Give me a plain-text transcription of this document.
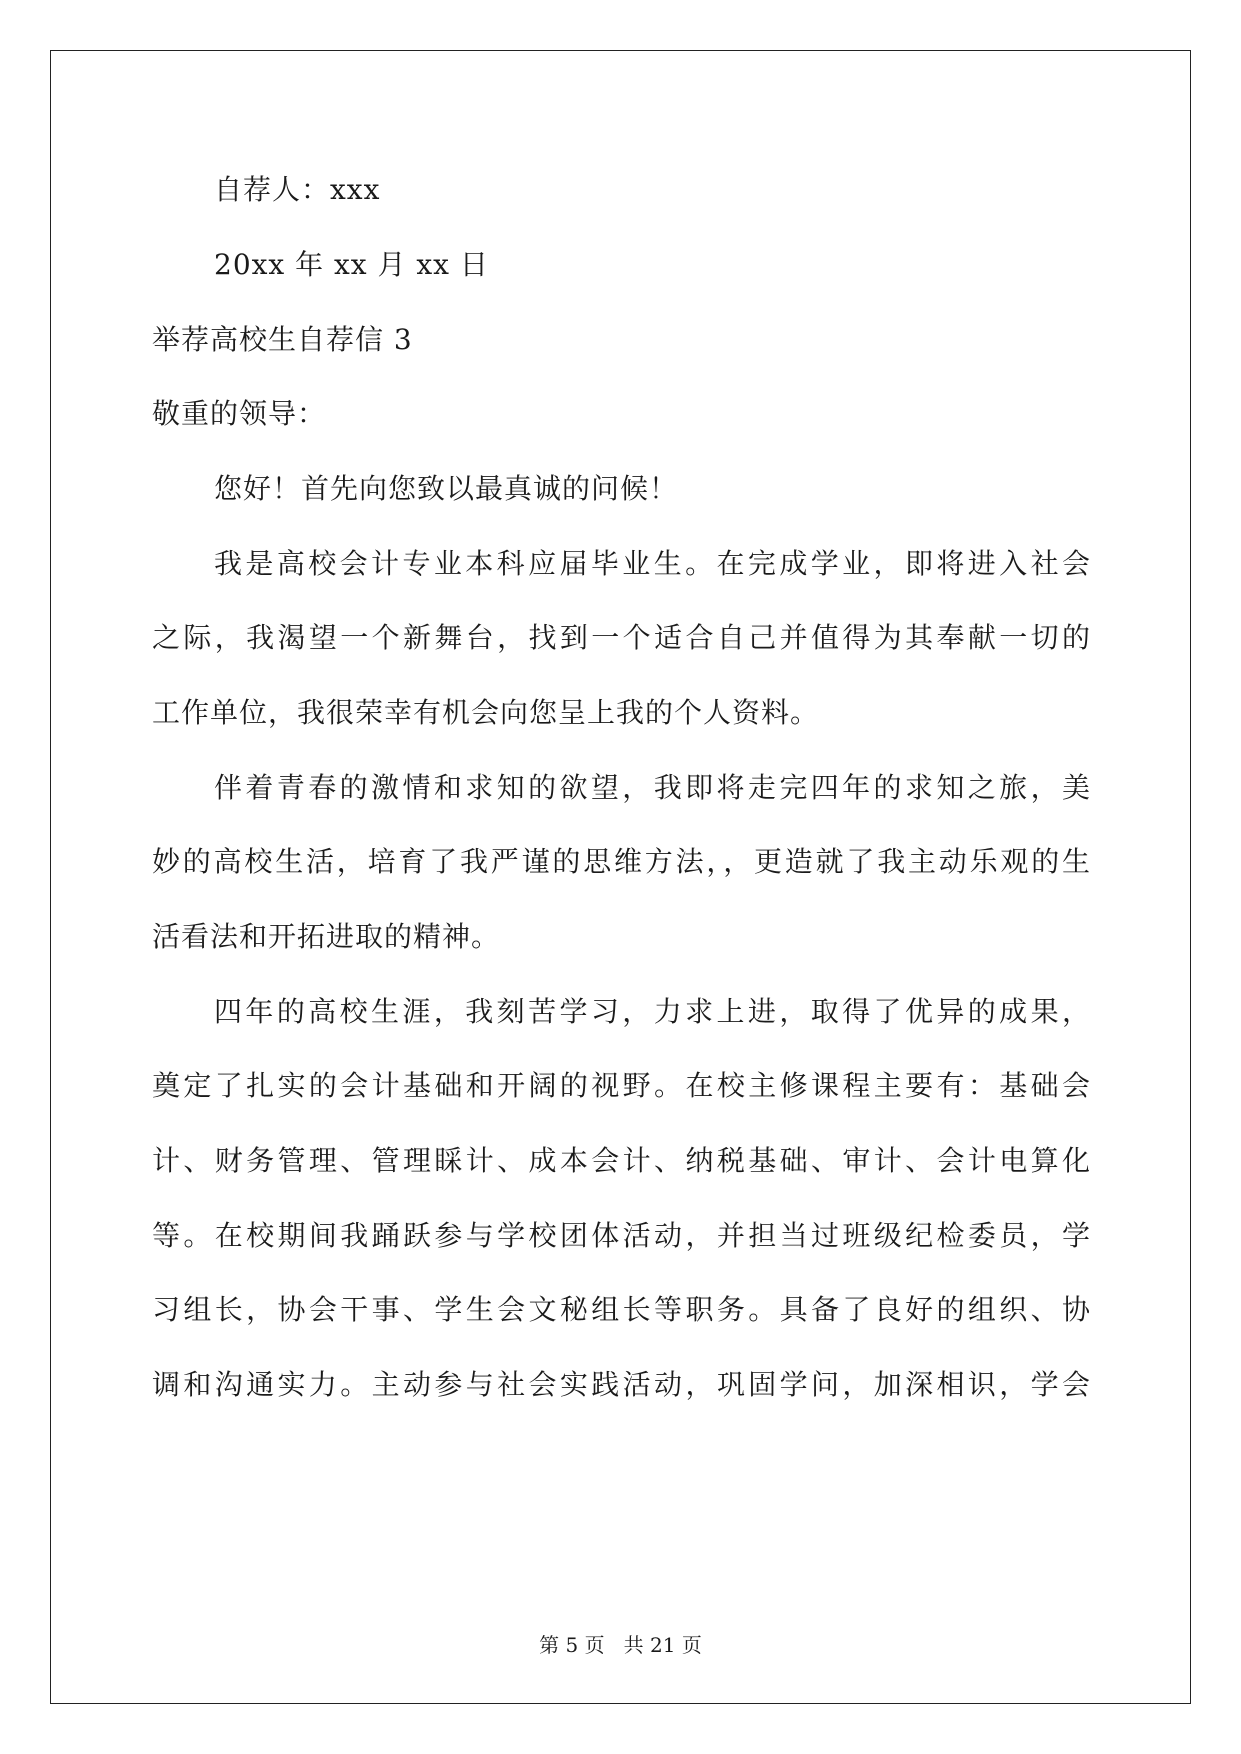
自荐人：xxx
20xx 年 xx 月 xx 日
举荐高校生自荐信 3
敬重的领导：
您好！首先向您致以最真诚的问候！
我是高校会计专业本科应届毕业生。在完成学业，即将进入社会
之际，我渴望一个新舞台，找到一个适合自己并值得为其奉献一切的
工作单位，我很荣幸有机会向您呈上我的个人资料。
伴着青春的激情和求知的欲望，我即将走完四年的求知之旅，美
妙的高校生活，培育了我严谨的思维方法，，更造就了我主动乐观的生
活看法和开拓进取的精神。
四年的高校生涯，我刻苦学习，力求上进，取得了优异的成果，
奠定了扎实的会计基础和开阔的视野。在校主修课程主要有：基础会
计、财务管理、管理睬计、成本会计、纳税基础、审计、会计电算化
等。在校期间我踊跃参与学校团体活动，并担当过班级纪检委员，学
习组长，协会干事、学生会文秘组长等职务。具备了良好的组织、协
调和沟通实力。主动参与社会实践活动，巩固学问，加深相识，学会
第 5 页   共 21 页
